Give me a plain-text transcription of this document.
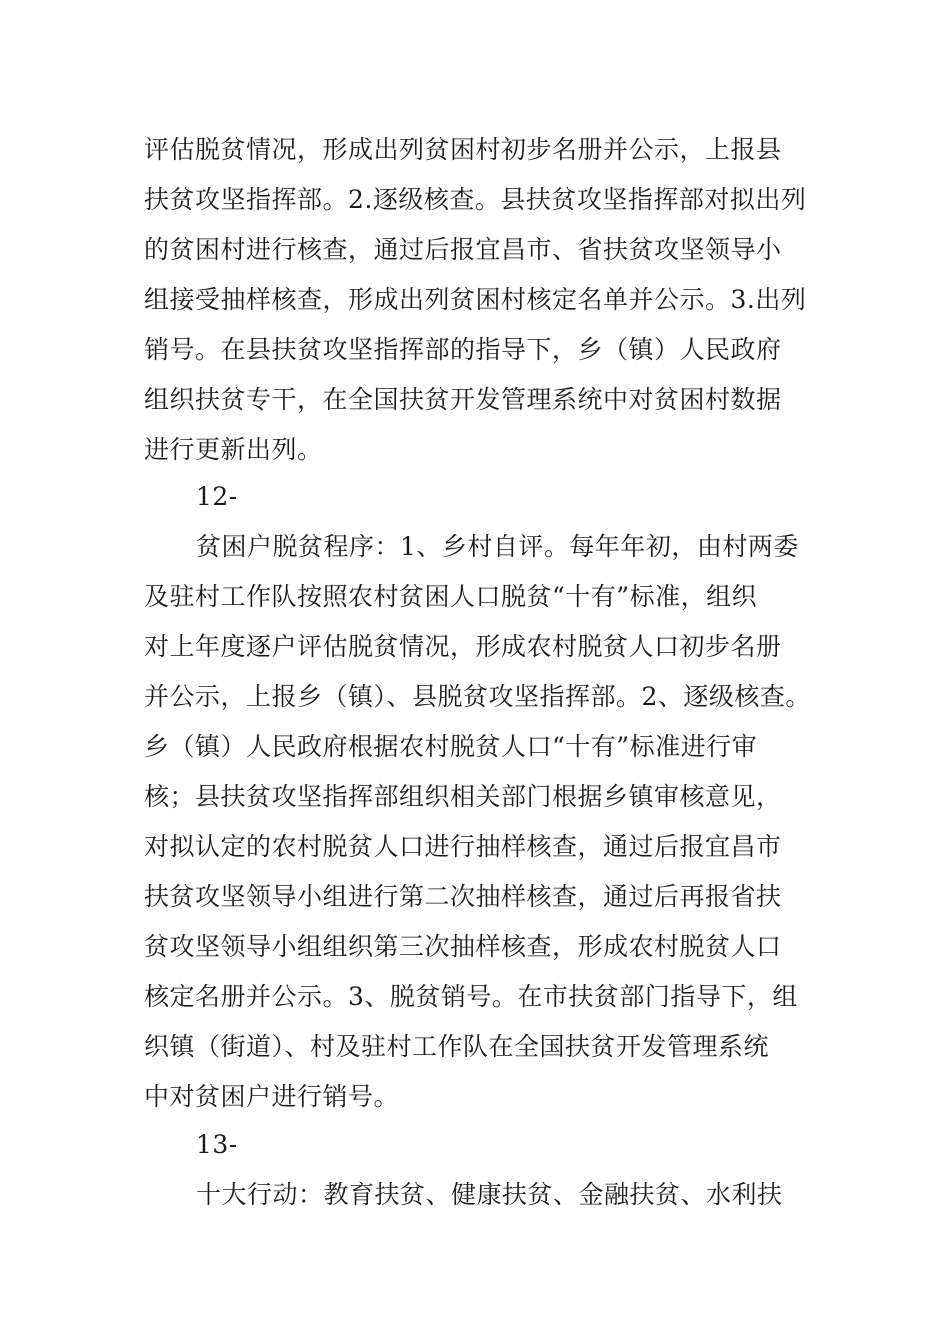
评估脱贫情况，形成出列贫困村初步名册并公示，上报县
扶贫攻坚指挥部。2.逐级核查。县扶贫攻坚指挥部对拟出列
的贫困村进行核查，通过后报宜昌市、省扶贫攻坚领导小
组接受抽样核查，形成出列贫困村核定名单并公示。3.出列
销号。在县扶贫攻坚指挥部的指导下，乡（镇）人民政府
组织扶贫专干，在全国扶贫开发管理系统中对贫困村数据
进行更新出列。
12-
贫困户脱贫程序：1、乡村自评。每年年初，由村两委
及驻村工作队按照农村贫困人口脱贫“十有”标准，组织
对上年度逐户评估脱贫情况，形成农村脱贫人口初步名册
并公示，上报乡（镇）、县脱贫攻坚指挥部。2、逐级核查。
乡（镇）人民政府根据农村脱贫人口“十有”标准进行审
核；县扶贫攻坚指挥部组织相关部门根据乡镇审核意见，
对拟认定的农村脱贫人口进行抽样核查，通过后报宜昌市
扶贫攻坚领导小组进行第二次抽样核查，通过后再报省扶
贫攻坚领导小组组织第三次抽样核查，形成农村脱贫人口
核定名册并公示。3、脱贫销号。在市扶贫部门指导下，组
织镇（街道）、村及驻村工作队在全国扶贫开发管理系统
中对贫困户进行销号。
13-
十大行动：教育扶贫、健康扶贫、金融扶贫、水利扶
